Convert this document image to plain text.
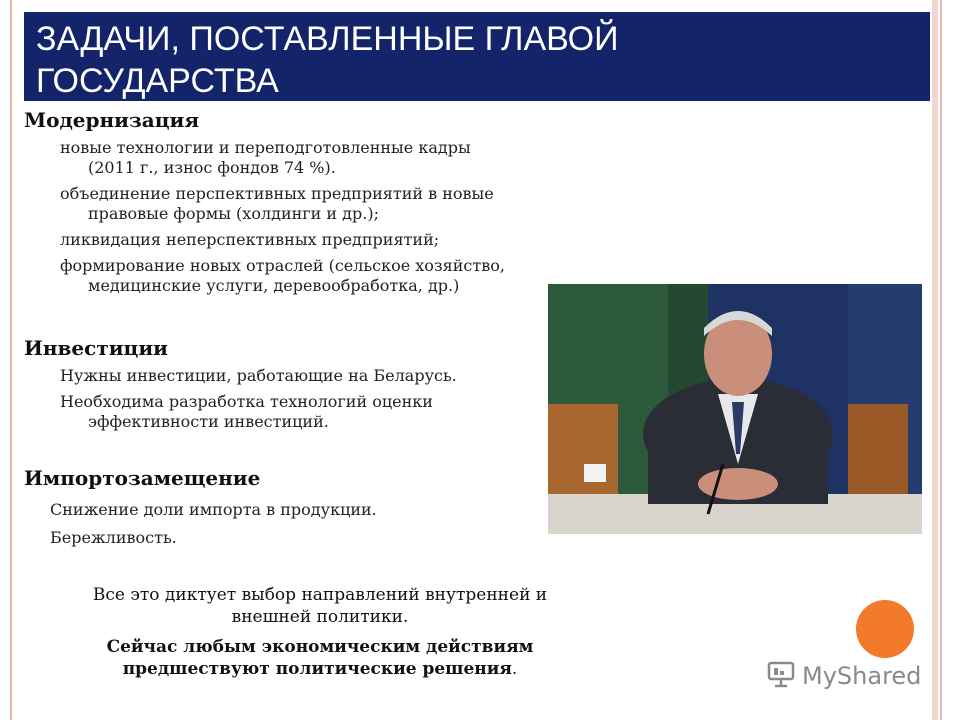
ЗАДАЧИ, ПОСТАВЛЕННЫЕ ГЛАВОЙ
ГОСУДАРСТВА
Модернизация
новые технологии и переподготовленные кадры
(2011 г., износ фондов 74 %).
объединение перспективных предприятий в новые
правовые формы (холдинги и др.);
ликвидация неперспективных предприятий;
формирование новых отраслей (сельское хозяйство,
медицинские услуги, деревообработка, др.)
Инвестиции
Нужны инвестиции, работающие на Беларусь.
Необходима разработка технологий оценки
эффективности инвестиций.
Импортозамещение
Снижение доли импорта в продукции.
Бережливость.
Все это диктует выбор направлений внутренней и
внешней политики.
Сейчас любым экономическим действиям
предшествуют политические решения.	MyShared
